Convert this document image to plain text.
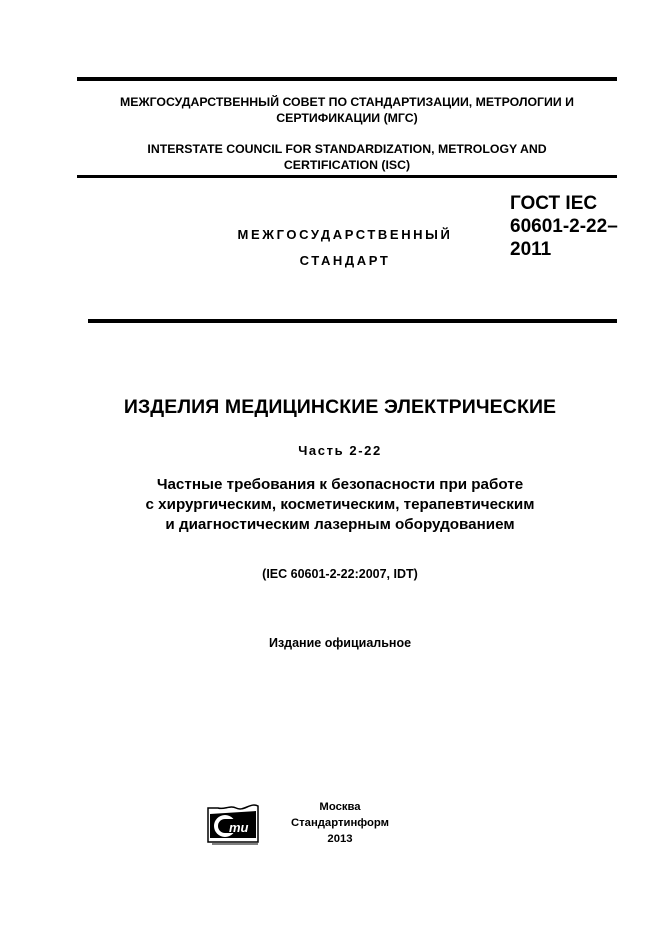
МЕЖГОСУДАРСТВЕННЫЙ СОВЕТ ПО СТАНДАРТИЗАЦИИ, МЕТРОЛОГИИ И
СЕРТИФИКАЦИИ (МГС)
INTERSTATE COUNCIL FOR STANDARDIZATION, METROLOGY AND
CERTIFICATION (ISC)
МЕЖГОСУДАРСТВЕННЫЙ
СТАНДАРТ
ГОСТ IEC
60601-2-22–
2011
ИЗДЕЛИЯ МЕДИЦИНСКИЕ ЭЛЕКТРИЧЕСКИЕ
Часть 2-22
Частные требования к безопасности при работе
с хирургическим, косметическим, терапевтическим
и диагностическим лазерным оборудованием
(IEC 60601-2-22:2007, IDT)
Издание официальное
ти
Москва
Стандартинформ
2013
